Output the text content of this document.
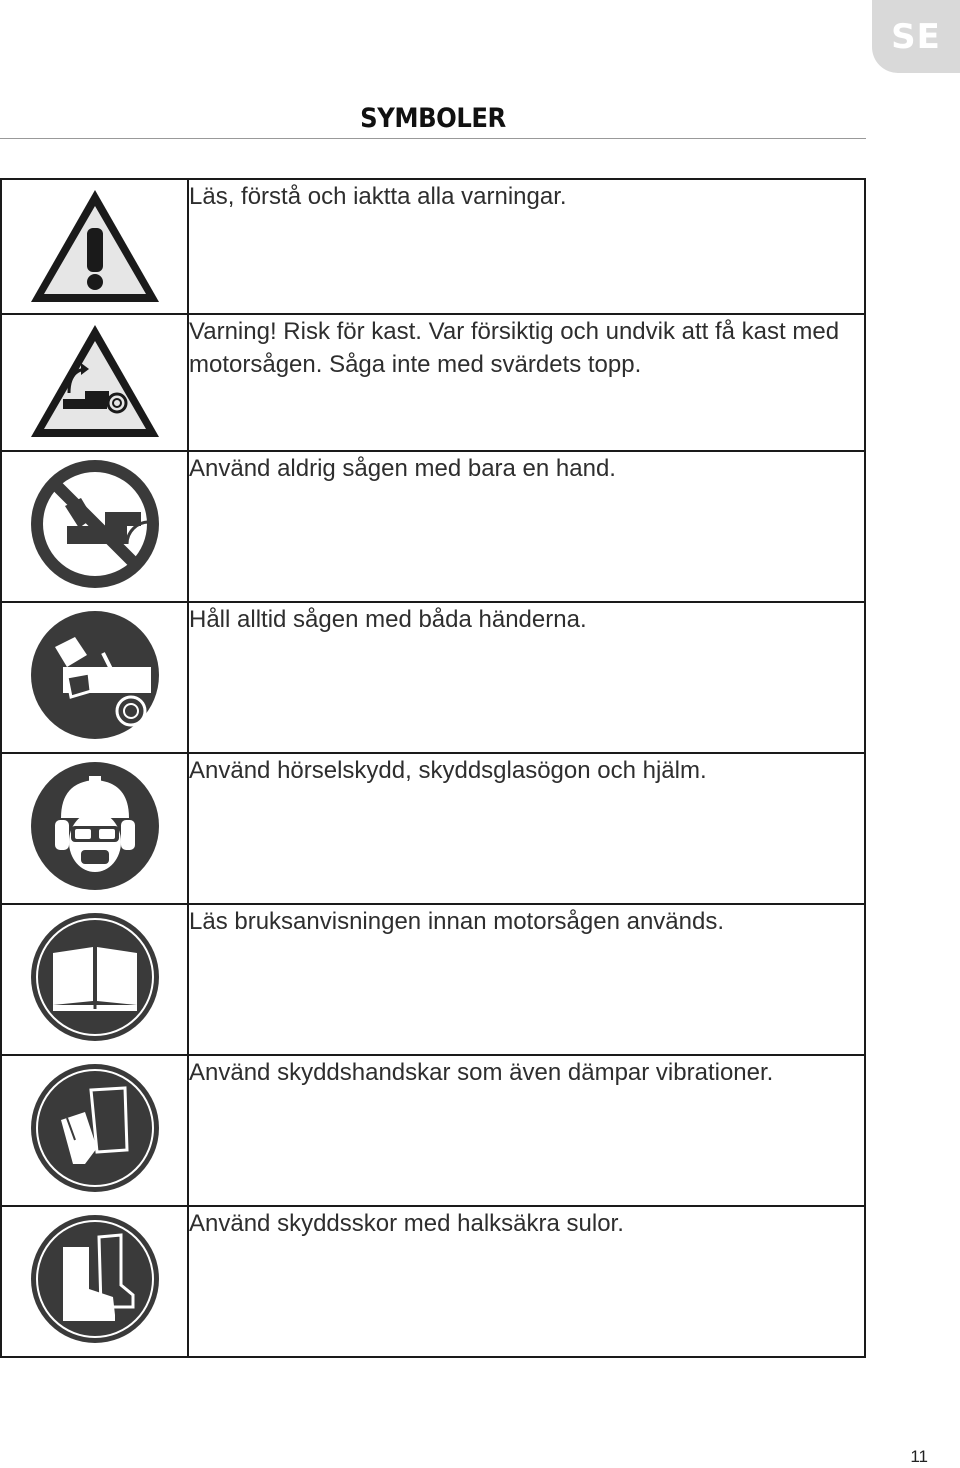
SE
SYMBOLER
	Läs, förstå och iaktta alla varningar.

	Varning! Risk för kast. Var försiktig och undvik att få kast med motorsågen. Såga inte med svärdets topp.

	Använd aldrig sågen med bara en hand.

	Håll alltid sågen med båda händerna.

	Använd hörselskydd, skyddsglasögon och hjälm.

	Läs bruksanvisningen innan motorsågen används.

	Använd skyddshandskar som även dämpar vibrationer.

	Använd skyddsskor med halksäkra sulor.
11
